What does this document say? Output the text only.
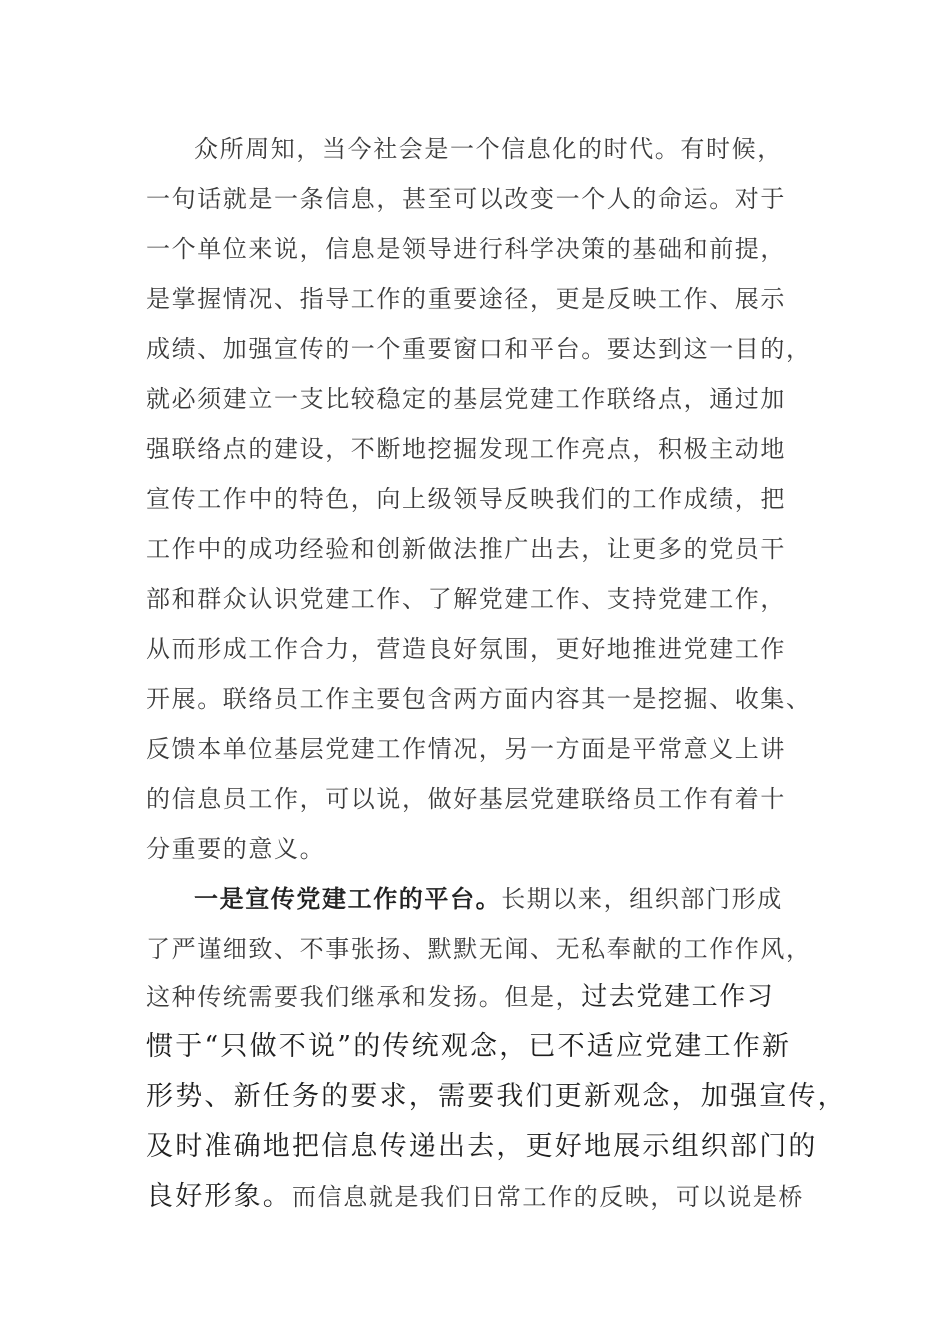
众所周知，当今社会是一个信息化的时代。有时候，
一句话就是一条信息，甚至可以改变一个人的命运。对于
一个单位来说，信息是领导进行科学决策的基础和前提，
是掌握情况、指导工作的重要途径，更是反映工作、展示
成绩、加强宣传的一个重要窗口和平台。要达到这一目的，
就必须建立一支比较稳定的基层党建工作联络点，通过加
强联络点的建设，不断地挖掘发现工作亮点，积极主动地
宣传工作中的特色，向上级领导反映我们的工作成绩，把
工作中的成功经验和创新做法推广出去，让更多的党员干
部和群众认识党建工作、了解党建工作、支持党建工作，
从而形成工作合力，营造良好氛围，更好地推进党建工作
开展。联络员工作主要包含两方面内容其一是挖掘、收集、
反馈本单位基层党建工作情况，另一方面是平常意义上讲
的信息员工作，可以说，做好基层党建联络员工作有着十
分重要的意义。
一是宣传党建工作的平台。长期以来，组织部门形成
了严谨细致、不事张扬、默默无闻、无私奉献的工作作风，
这种传统需要我们继承和发扬。但是，过去党建工作习
惯于“只做不说”的传统观念，已不适应党建工作新
形势、新任务的要求，需要我们更新观念，加强宣传，
及时准确地把信息传递出去，更好地展示组织部门的
良好形象。而信息就是我们日常工作的反映，可以说是桥
